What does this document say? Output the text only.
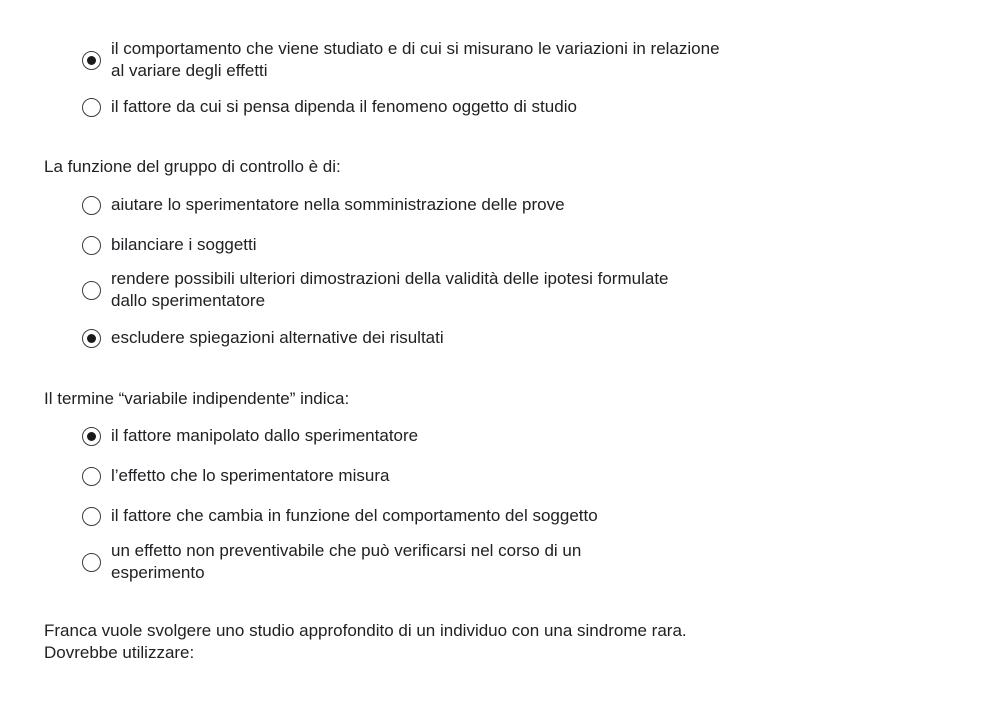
il comportamento che viene studiato e di cui si misurano le variazioni in relazione al variare degli effetti
il fattore da cui si pensa dipenda il fenomeno oggetto di studio
La funzione del gruppo di controllo è di:
aiutare lo sperimentatore nella somministrazione delle prove
bilanciare i soggetti
rendere possibili ulteriori dimostrazioni della validità delle ipotesi formulate dallo sperimentatore
escludere spiegazioni alternative dei risultati
Il termine “variabile indipendente” indica:
il fattore manipolato dallo sperimentatore
l’effetto che lo sperimentatore misura
il fattore che cambia in funzione del comportamento del soggetto
un effetto non preventivabile che può verificarsi nel corso di un esperimento
Franca vuole svolgere uno studio approfondito di un individuo con una sindrome rara. Dovrebbe utilizzare:
